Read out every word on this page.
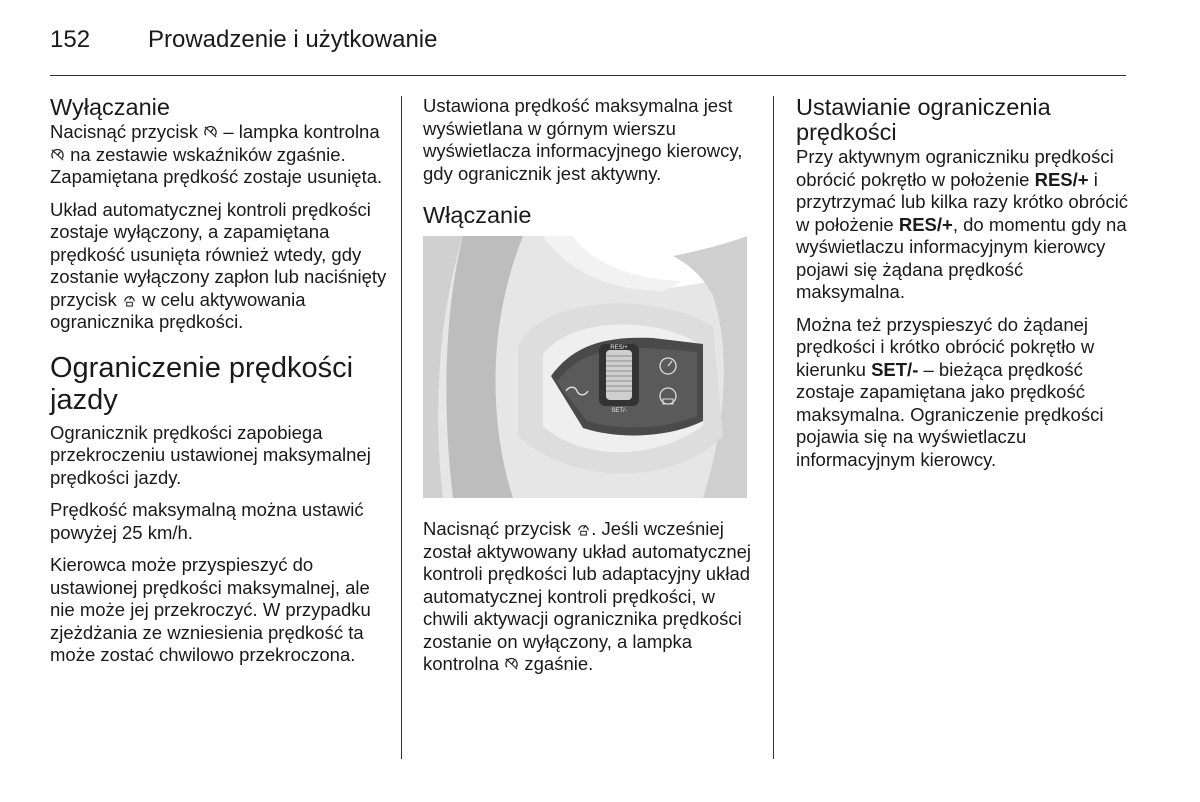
152 Prowadzenie i użytkowanie
Wyłączanie

Nacisnąć przycisk – lampka kontrolna  na zestawie wskaźników zgaśnie. Zapamiętana prędkość zostaje usunięta.

Układ automatycznej kontroli prędkości zostaje wyłączony, a zapamiętana prędkość usunięta również wtedy, gdy zostanie wyłączony zapłon lub naciśnięty przycisk w celu aktywowania ogranicznika prędkości.

Ograniczenie prędkości jazdy

Ogranicznik prędkości zapobiega przekroczeniu ustawionej maksymalnej prędkości jazdy.

Prędkość maksymalną można ustawić powyżej 25 km/h.

Kierowca może przyspieszyć do ustawionej prędkości maksymalnej, ale nie może jej przekroczyć. W przypadku zjeżdżania ze wzniesienia prędkość ta może zostać chwilowo przekroczona.

Ustawiona prędkość maksymalna jest wyświetlana w górnym wierszu wyświetlacza informacyjnego kierowcy, gdy ogranicznik jest aktywny.

Włączanie
RES/+
SET/-

Nacisnąć przycisk . Jeśli wcześniej został aktywowany układ automatycznej kontroli prędkości lub adaptacyjny układ automatycznej kontroli prędkości, w chwili aktywacji ogranicznika prędkości zostanie on wyłączony, a lampka kontrolna zgaśnie.

Ustawianie ograniczenia prędkości

Przy aktywnym ograniczniku prędkości obrócić pokrętło w położenie RES/+ i przytrzymać lub kilka razy krótko obrócić w położenie RES/+, do momentu gdy na wyświetlaczu informacyjnym kierowcy pojawi się żądana prędkość maksymalna.

Można też przyspieszyć do żądanej prędkości i krótko obrócić pokrętło w kierunku SET/- – bieżąca prędkość zostaje zapamiętana jako prędkość maksymalna. Ograniczenie prędkości pojawia się na wyświetlaczu informacyjnym kierowcy.
